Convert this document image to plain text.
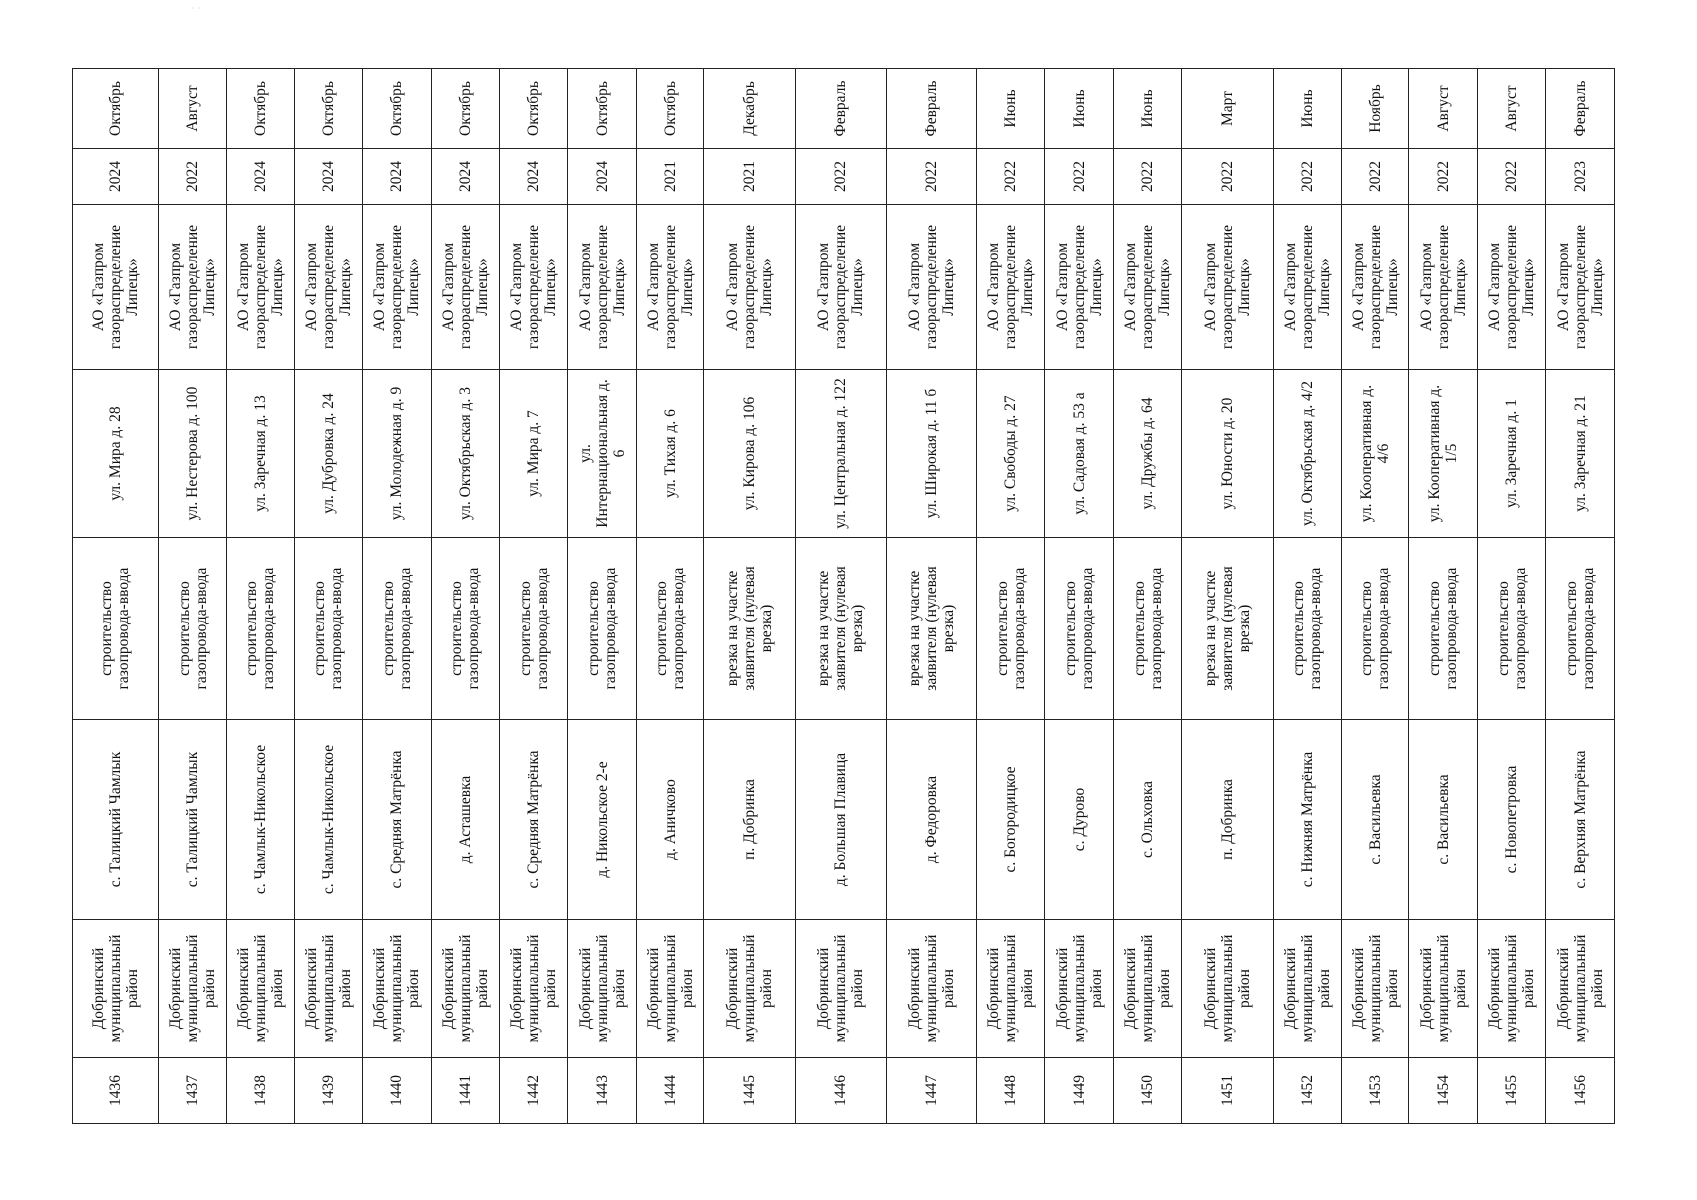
· ·
1436	Добринский муниципальный район	с. Талицкий Чамлык	строительство газопровода-ввода	ул. Мира д. 28	АО «Газпром газораспределение Липецк»	2024	Октябрь
1437	Добринский муниципальный район	с. Талицкий Чамлык	строительство газопровода-ввода	ул. Нестерова д. 100	АО «Газпром газораспределение Липецк»	2022	Август
1438	Добринский муниципальный район	с. Чамлык-Никольское	строительство газопровода-ввода	ул. Заречная д. 13	АО «Газпром газораспределение Липецк»	2024	Октябрь
1439	Добринский муниципальный район	с. Чамлык-Никольское	строительство газопровода-ввода	ул. Дубровка д. 24	АО «Газпром газораспределение Липецк»	2024	Октябрь
1440	Добринский муниципальный район	с. Средняя Матрёнка	строительство газопровода-ввода	ул. Молодежная д. 9	АО «Газпром газораспределение Липецк»	2024	Октябрь
1441	Добринский муниципальный район	д. Асташевка	строительство газопровода-ввода	ул. Октябрьская д. 3	АО «Газпром газораспределение Липецк»	2024	Октябрь
1442	Добринский муниципальный район	с. Средняя Матрёнка	строительство газопровода-ввода	ул. Мира д. 7	АО «Газпром газораспределение Липецк»	2024	Октябрь
1443	Добринский муниципальный район	д. Никольское 2-е	строительство газопровода-ввода	ул. Интернациональная д. 6	АО «Газпром газораспределение Липецк»	2024	Октябрь
1444	Добринский муниципальный район	д. Аничково	строительство газопровода-ввода	ул. Тихая д. 6	АО «Газпром газораспределение Липецк»	2021	Октябрь
1445	Добринский муниципальный район	п. Добринка	врезка на участке заявителя (нулевая врезка)	ул. Кирова д. 106	АО «Газпром газораспределение Липецк»	2021	Декабрь
1446	Добринский муниципальный район	д. Большая Плавица	врезка на участке заявителя (нулевая врезка)	ул. Центральная д. 122	АО «Газпром газораспределение Липецк»	2022	Февраль
1447	Добринский муниципальный район	д. Федоровка	врезка на участке заявителя (нулевая врезка)	ул. Широкая д. 11 б	АО «Газпром газораспределение Липецк»	2022	Февраль
1448	Добринский муниципальный район	с. Богородицкое	строительство газопровода-ввода	ул. Свободы д. 27	АО «Газпром газораспределение Липецк»	2022	Июнь
1449	Добринский муниципальный район	с. Дурово	строительство газопровода-ввода	ул. Садовая д. 53 а	АО «Газпром газораспределение Липецк»	2022	Июнь
1450	Добринский муниципальный район	с. Ольховка	строительство газопровода-ввода	ул. Дружбы д. 64	АО «Газпром газораспределение Липецк»	2022	Июнь
1451	Добринский муниципальный район	п. Добринка	врезка на участке заявителя (нулевая врезка)	ул. Юности д. 20	АО «Газпром газораспределение Липецк»	2022	Март
1452	Добринский муниципальный район	с. Нижняя Матрёнка	строительство газопровода-ввода	ул. Октябрьская д. 4/2	АО «Газпром газораспределение Липецк»	2022	Июнь
1453	Добринский муниципальный район	с. Васильевка	строительство газопровода-ввода	ул. Кооперативная д. 4/6	АО «Газпром газораспределение Липецк»	2022	Ноябрь
1454	Добринский муниципальный район	с. Васильевка	строительство газопровода-ввода	ул. Кооперативная д. 1/5	АО «Газпром газораспределение Липецк»	2022	Август
1455	Добринский муниципальный район	с. Новопетровка	строительство газопровода-ввода	ул. Заречная д. 1	АО «Газпром газораспределение Липецк»	2022	Август
1456	Добринский муниципальный район	с. Верхняя Матрёнка	строительство газопровода-ввода	ул. Заречная д. 21	АО «Газпром газораспределение Липецк»	2023	Февраль
